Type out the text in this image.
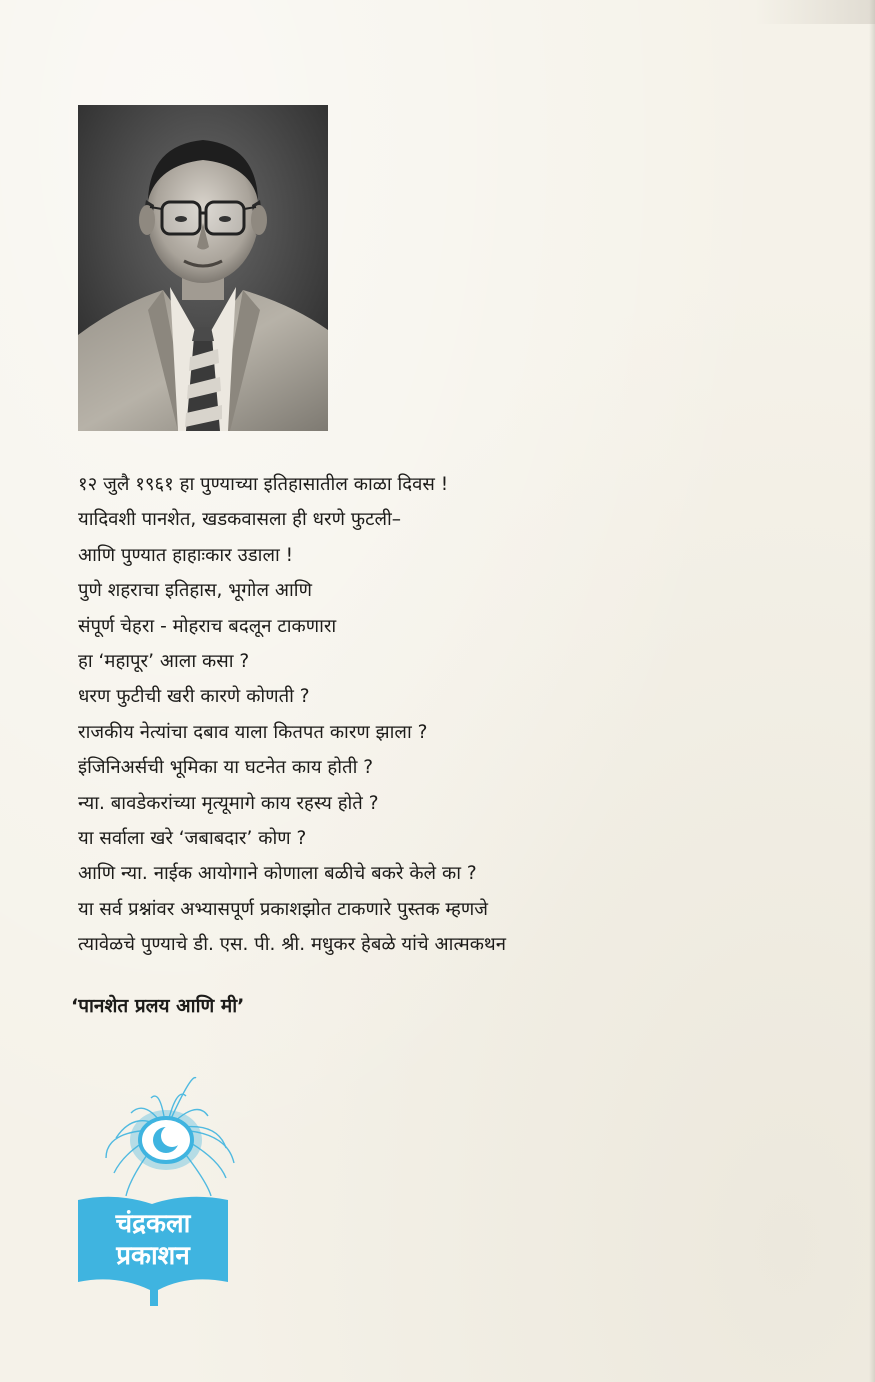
१२ जुलै १९६१ हा पुण्याच्या इतिहासातील काळा दिवस !
यादिवशी पानशेत, खडकवासला ही धरणे फुटली–
आणि पुण्यात हाहाःकार उडाला !
पुणे शहराचा इतिहास, भूगोल आणि
संपूर्ण चेहरा - मोहराच बदलून टाकणारा
हा ‘महापूर’ आला कसा ?
धरण फुटीची खरी कारणे कोणती ?
राजकीय नेत्यांचा दबाव याला कितपत कारण झाला ?
इंजिनिअर्सची भूमिका या घटनेत काय होती ?
न्या. बावडेकरांच्या मृत्यूमागे काय रहस्य होते ?
या सर्वाला खरे ‘जबाबदार’ कोण ?
आणि न्या. नाईक आयोगाने कोणाला बळीचे बकरे केले का ?
या सर्व प्रश्नांवर अभ्यासपूर्ण प्रकाशझोत टाकणारे पुस्तक म्हणजे
त्यावेळचे पुण्याचे डी. एस. पी. श्री. मधुकर हेबळे यांचे आत्मकथन
‘पानशेत प्रलय आणि मी’
चंद्रकला
प्रकाशन
